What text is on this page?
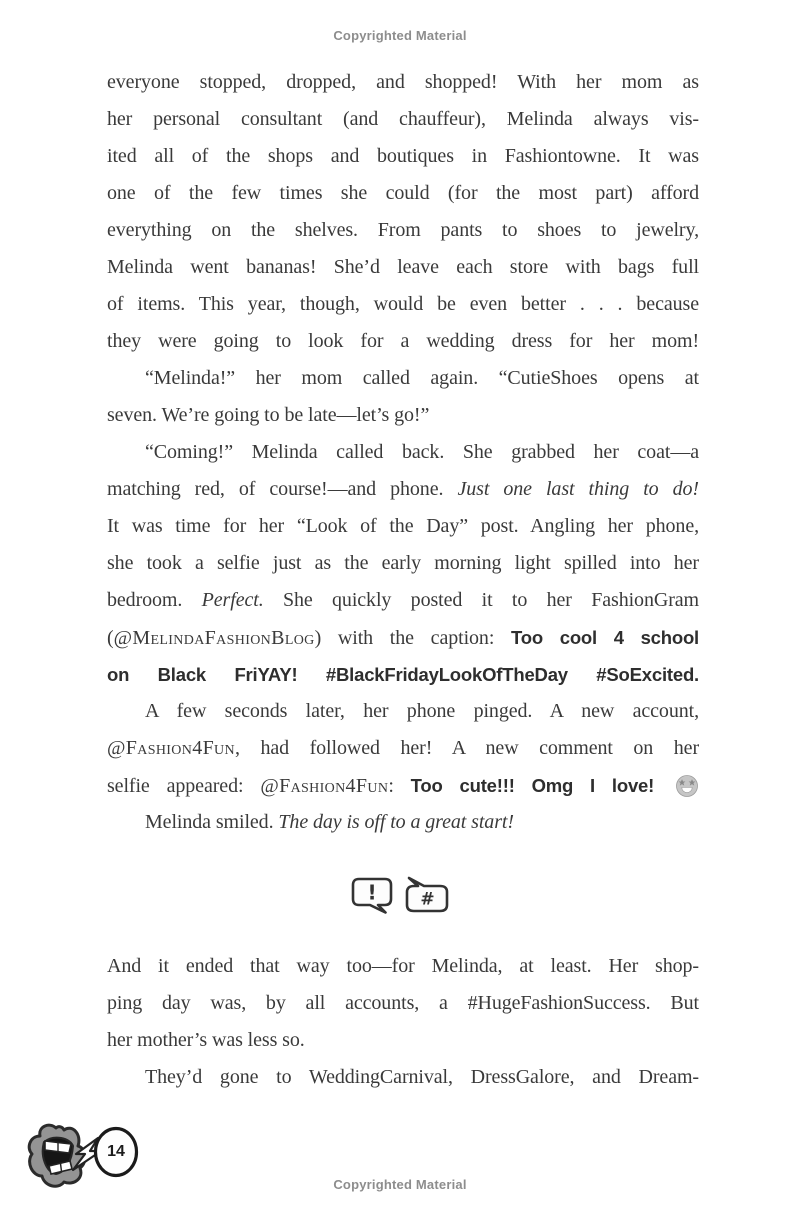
Copyrighted Material
everyone stopped, dropped, and shopped! With her mom as
her personal consultant (and chauffeur), Melinda always vis-
ited all of the shops and boutiques in Fashiontowne. It was
one of the few times she could (for the most part) afford
everything on the shelves. From pants to shoes to jewelry,
Melinda went bananas! She’d leave each store with bags full
of items. This year, though, would be even better . . . because
they were going to look for a wedding dress for her mom!
“Melinda!” her mom called again. “CutieShoes opens at
seven. We’re going to be late—let’s go!”
“Coming!” Melinda called back. She grabbed her coat—a
matching red, of course!—and phone. Just one last thing to do!
It was time for her “Look of the Day” post. Angling her phone,
she took a selfie just as the early morning light spilled into her
bedroom. Perfect. She quickly posted it to her FashionGram
(@MelindaFashionBlog) with the caption: Too cool 4 school
on Black FriYAY! #BlackFridayLookOfTheDay #SoExcited.
A few seconds later, her phone pinged. A new account,
@Fashion4Fun, had followed her! A new comment on her
selfie appeared: @Fashion4Fun: Too cute!!! Omg I love!
Melinda smiled. The day is off to a great start!
!	#
And it ended that way too—for Melinda, at least. Her shop-
ping day was, by all accounts, a #HugeFashionSuccess. But
her mother’s was less so.
They’d gone to WeddingCarnival, DressGalore, and Dream-
14
Copyrighted Material
